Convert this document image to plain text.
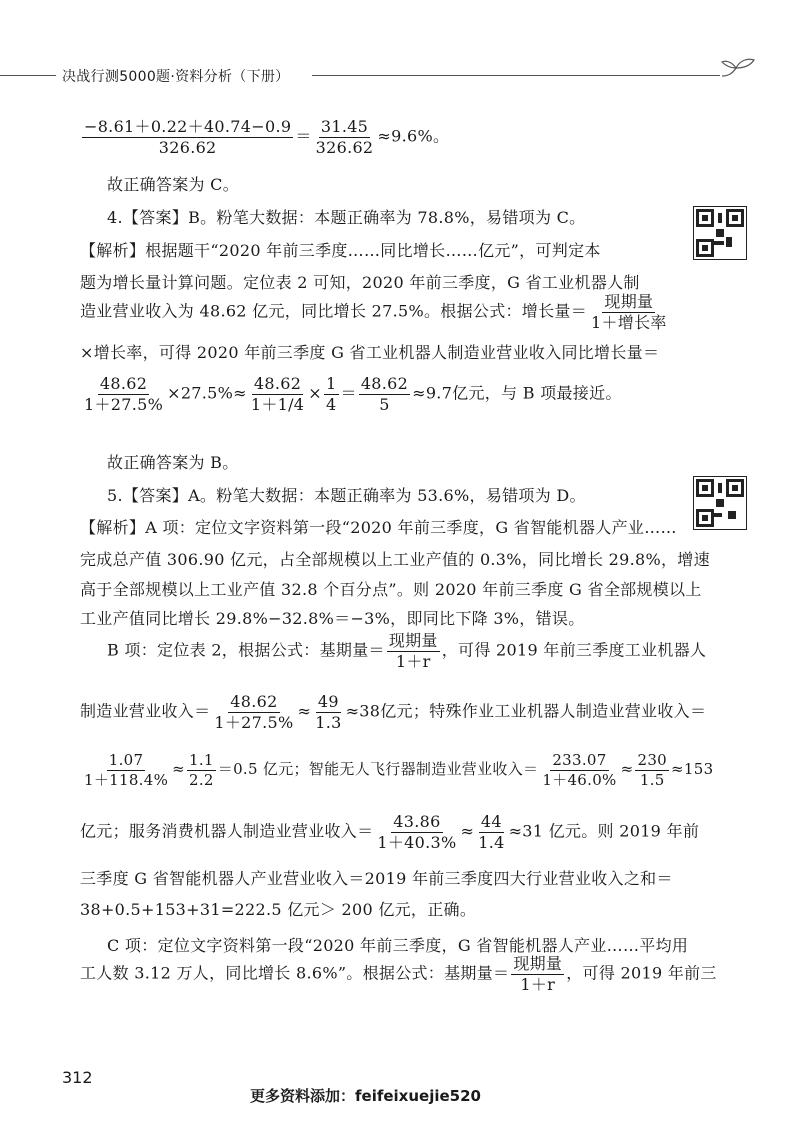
决战行测5000题·资料分析（下册）
$\frac{-8.61+0.22+40.74-0.9}{326.62} = \frac{31.45}{326.62} \approx 9.6\%$。
故正确答案为 C。
4.【答案】B。粉笔大数据：本题正确率为 78.8%，易错项为 C。
【解析】根据题干“2020 年前三季度……同比增长……亿元”，可判定本
题为增长量计算问题。定位表 2 可知，2020 年前三季度，G 省工业机器人制
造业营业收入为 48.62 亿元，同比增长 27.5%。根据公式：增长量＝ $\frac{\text{现期量}}{\text{1＋增长率}}$
×增长率，可得 2020 年前三季度 G 省工业机器人制造业营业收入同比增长量＝
$\frac{48.62}{1+27.5\%} \times 27.5\%\approx \frac{48.62}{1+1/4} \times \frac{1}{4} = \frac{48.62}{5} \approx 9.7$亿元，与 B 项最接近。
故正确答案为 B。
5.【答案】A。粉笔大数据：本题正确率为 53.6%，易错项为 D。
【解析】A 项：定位文字资料第一段“2020 年前三季度，G 省智能机器人产业……
完成总产值 306.90 亿元，占全部规模以上工业产值的 0.3%，同比增长 29.8%，增速
高于全部规模以上工业产值 32.8 个百分点”。则 2020 年前三季度 G 省全部规模以上
工业产值同比增长 29.8%−32.8%＝−3%，即同比下降 3%，错误。
B 项：定位表 2，根据公式：基期量＝ $\frac{\text{现期量}}{1+r}$ ，可得 2019 年前三季度工业机器人
制造业营业收入＝ $\frac{48.62}{1+27.5\%} \approx \frac{49}{1.3} \approx 38$亿元；特殊作业工业机器人制造业营业收入＝
$\frac{1.07}{1+118.4\%} \approx \frac{1.1}{2.2} =0.5$ 亿元；智能无人飞行器制造业营业收入＝ $\frac{233.07}{1+46.0\%} \approx \frac{230}{1.5} \approx 153$
亿元；服务消费机器人制造业营业收入＝ $\frac{43.86}{1+40.3\%} \approx \frac{44}{1.4} \approx 31$ 亿元。则 2019 年前
三季度 G 省智能机器人产业营业收入＝2019 年前三季度四大行业营业收入之和＝
38+0.5+153+31=222.5 亿元＞ 200 亿元，正确。
C 项：定位文字资料第一段“2020 年前三季度，G 省智能机器人产业……平均用
工人数 3.12 万人，同比增长 8.6%”。根据公式：基期量＝ $\frac{\text{现期量}}{1+r}$ ，可得 2019 年前三
312
更多资料添加：feifeixuejie520
